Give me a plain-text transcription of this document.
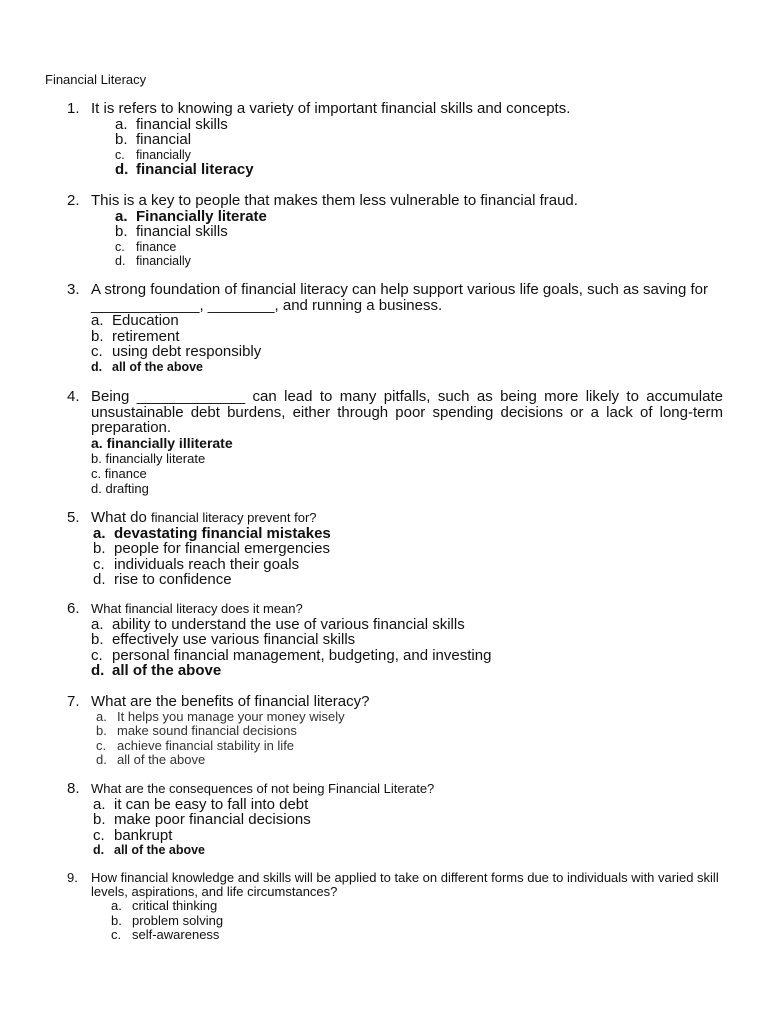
Financial Literacy
1. It is refers to knowing a variety of important financial skills and concepts.
a. financial skills
b. financial
c. financially
d. financial literacy
2. This is a key to people that makes them less vulnerable to financial fraud.
a. Financially literate
b. financial skills
c. finance
d. financially
3. A strong foundation of financial literacy can help support various life goals, such as saving for _____________, ________, and running a business.
a. Education
b. retirement
c. using debt responsibly
d. all of the above
4. Being _____________ can lead to many pitfalls, such as being more likely to accumulate unsustainable debt burdens, either through poor spending decisions or a lack of long-term preparation.
a.
financially illiterate
b.
financially literate
c.
finance
d.
drafting
5. What do financial literacy prevent for?
a. devastating financial mistakes
b. people for financial emergencies
c. individuals reach their goals
d. rise to confidence
6. What financial literacy does it mean?
a. ability to understand the use of various financial skills
b. effectively use various financial skills
c. personal financial management, budgeting, and investing
d. all of the above
7. What are the benefits of financial literacy?
a. It helps you manage your money wisely
b. make sound financial decisions
c. achieve financial stability in life
d. all of the above
8. What are the consequences of not being Financial Literate?
a. it can be easy to fall into debt
b. make poor financial decisions
c. bankrupt
d. all of the above
9.	How financial knowledge and skills will be applied to take on different forms due to individuals with varied skill levels, aspirations, and life circumstances?
a. critical thinking
b. problem solving
c. self-awareness
